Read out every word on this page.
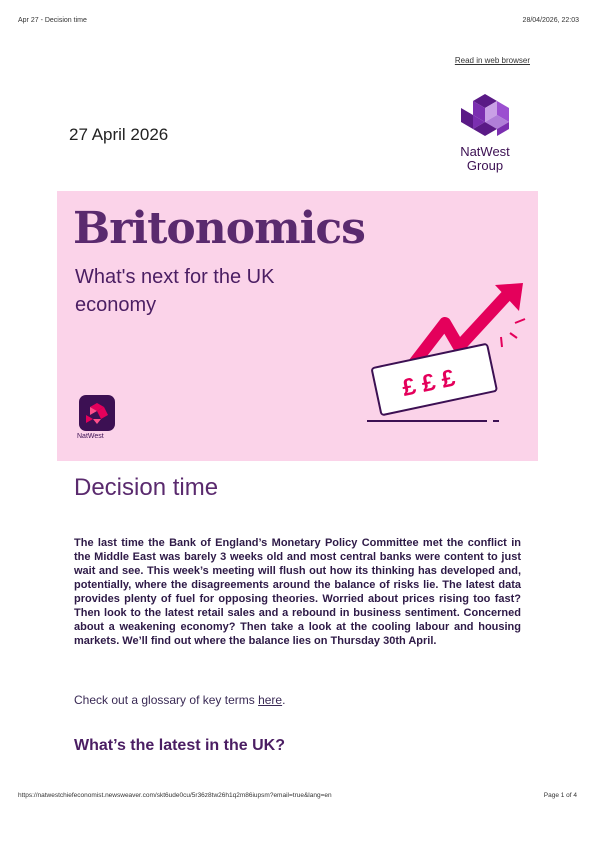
Apr 27 - Decision time	28/04/2026, 22:03
Read in web browser
27 April 2026
NatWest
Group
Britonomics

What's next for the UK economy

£ £ £
NatWest
Decision time

The last time the Bank of England’s Monetary Policy Committee met the conflict in the Middle East was barely 3 weeks old and most central banks were content to just wait and see. This week’s meeting will flush out how its thinking has developed and, potentially, where the disagreements around the balance of risks lie. The latest data provides plenty of fuel for opposing theories. Worried about prices rising too fast? Then look to the latest retail sales and a rebound in business sentiment. Concerned about a weakening economy? Then take a look at the cooling labour and housing markets. We’ll find out where the balance lies on Thursday 30th April.

Check out a glossary of key terms here.
What’s the latest in the UK?
https://natwestchiefeconomist.newsweaver.com/skt6ude0cu/5r36z8tw26h1q2m86iupsm?email=true&lang=en	Page 1 of 4
